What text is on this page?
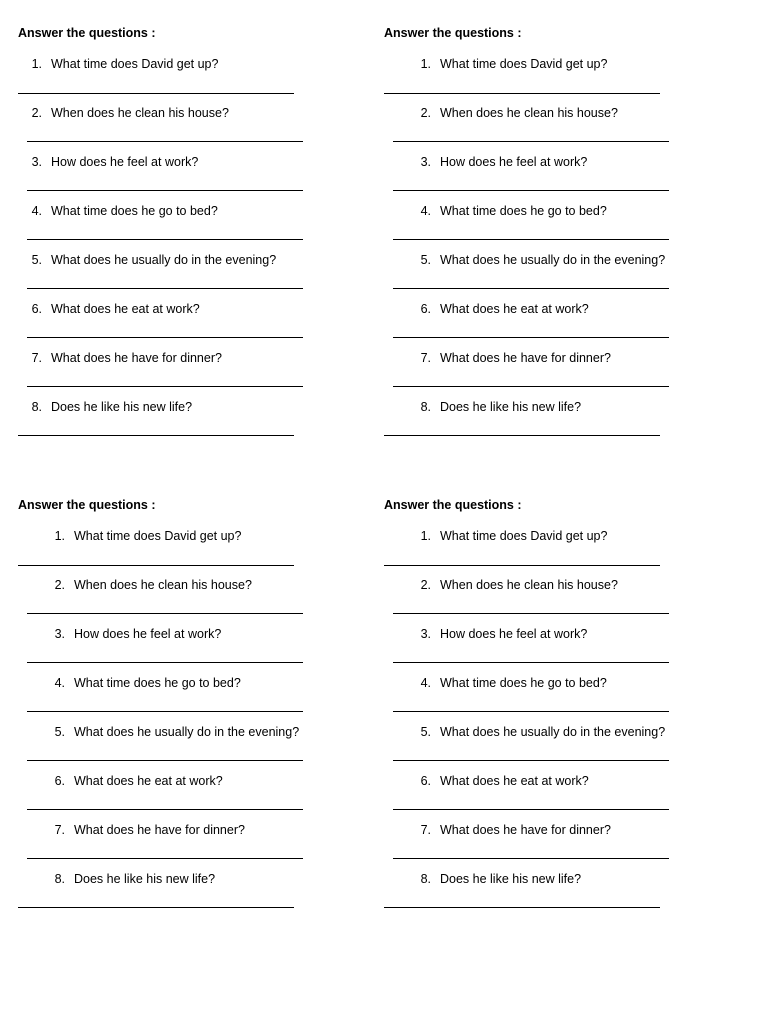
Answer the questions :
1. What time does David get up?
2. When does he clean his house?
3. How does he feel at work?
4. What time does he go to bed?
5. What does he usually do in the evening?
6. What does he eat at work?
7. What does he have for dinner?
8. Does he like his new life?
Answer the questions :
1. What time does David get up?
2. When does he clean his house?
3. How does he feel at work?
4. What time does he go to bed?
5. What does he usually do in the evening?
6. What does he eat at work?
7. What does he have for dinner?
8. Does he like his new life?
Answer the questions :
1. What time does David get up?
2. When does he clean his house?
3. How does he feel at work?
4. What time does he go to bed?
5. What does he usually do in the evening?
6. What does he eat at work?
7. What does he have for dinner?
8. Does he like his new life?
Answer the questions :
1. What time does David get up?
2. When does he clean his house?
3. How does he feel at work?
4. What time does he go to bed?
5. What does he usually do in the evening?
6. What does he eat at work?
7. What does he have for dinner?
8. Does he like his new life?
